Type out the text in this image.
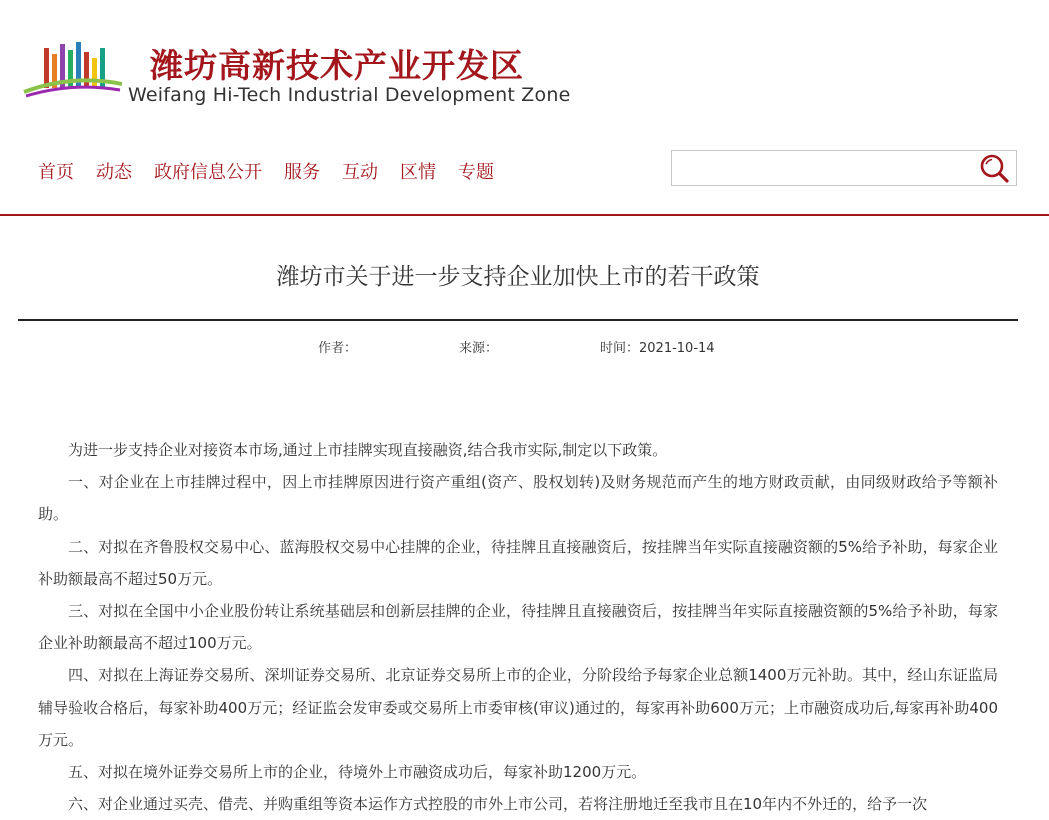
潍坊高新技术产业开发区
Weifang Hi-Tech Industrial Development Zone
首页 动态 政府信息公开 服务 互动 区情 专题
潍坊市关于进一步支持企业加快上市的若干政策
作者：	来源：	时间：2021-10-14

为进一步支持企业对接资本市场,通过上市挂牌实现直接融资,结合我市实际,制定以下政策。

一、对企业在上市挂牌过程中，因上市挂牌原因进行资产重组(资产、股权划转)及财务规范而产生的地方财政贡献，由同级财政给予等额补助。

二、对拟在齐鲁股权交易中心、蓝海股权交易中心挂牌的企业，待挂牌且直接融资后，按挂牌当年实际直接融资额的5%给予补助，每家企业补助额最高不超过50万元。

三、对拟在全国中小企业股份转让系统基础层和创新层挂牌的企业，待挂牌且直接融资后，按挂牌当年实际直接融资额的5%给予补助，每家企业补助额最高不超过100万元。

四、对拟在上海证券交易所、深圳证券交易所、北京证券交易所上市的企业，分阶段给予每家企业总额1400万元补助。其中，经山东证监局辅导验收合格后，每家补助400万元；经证监会发审委或交易所上市委审核(审议)通过的，每家再补助600万元；上市融资成功后,每家再补助400万元。

五、对拟在境外证券交易所上市的企业，待境外上市融资成功后，每家补助1200万元。

六、对企业通过买壳、借壳、并购重组等资本运作方式控股的市外上市公司，若将注册地迁至我市且在10年内不外迁的，给予一次
